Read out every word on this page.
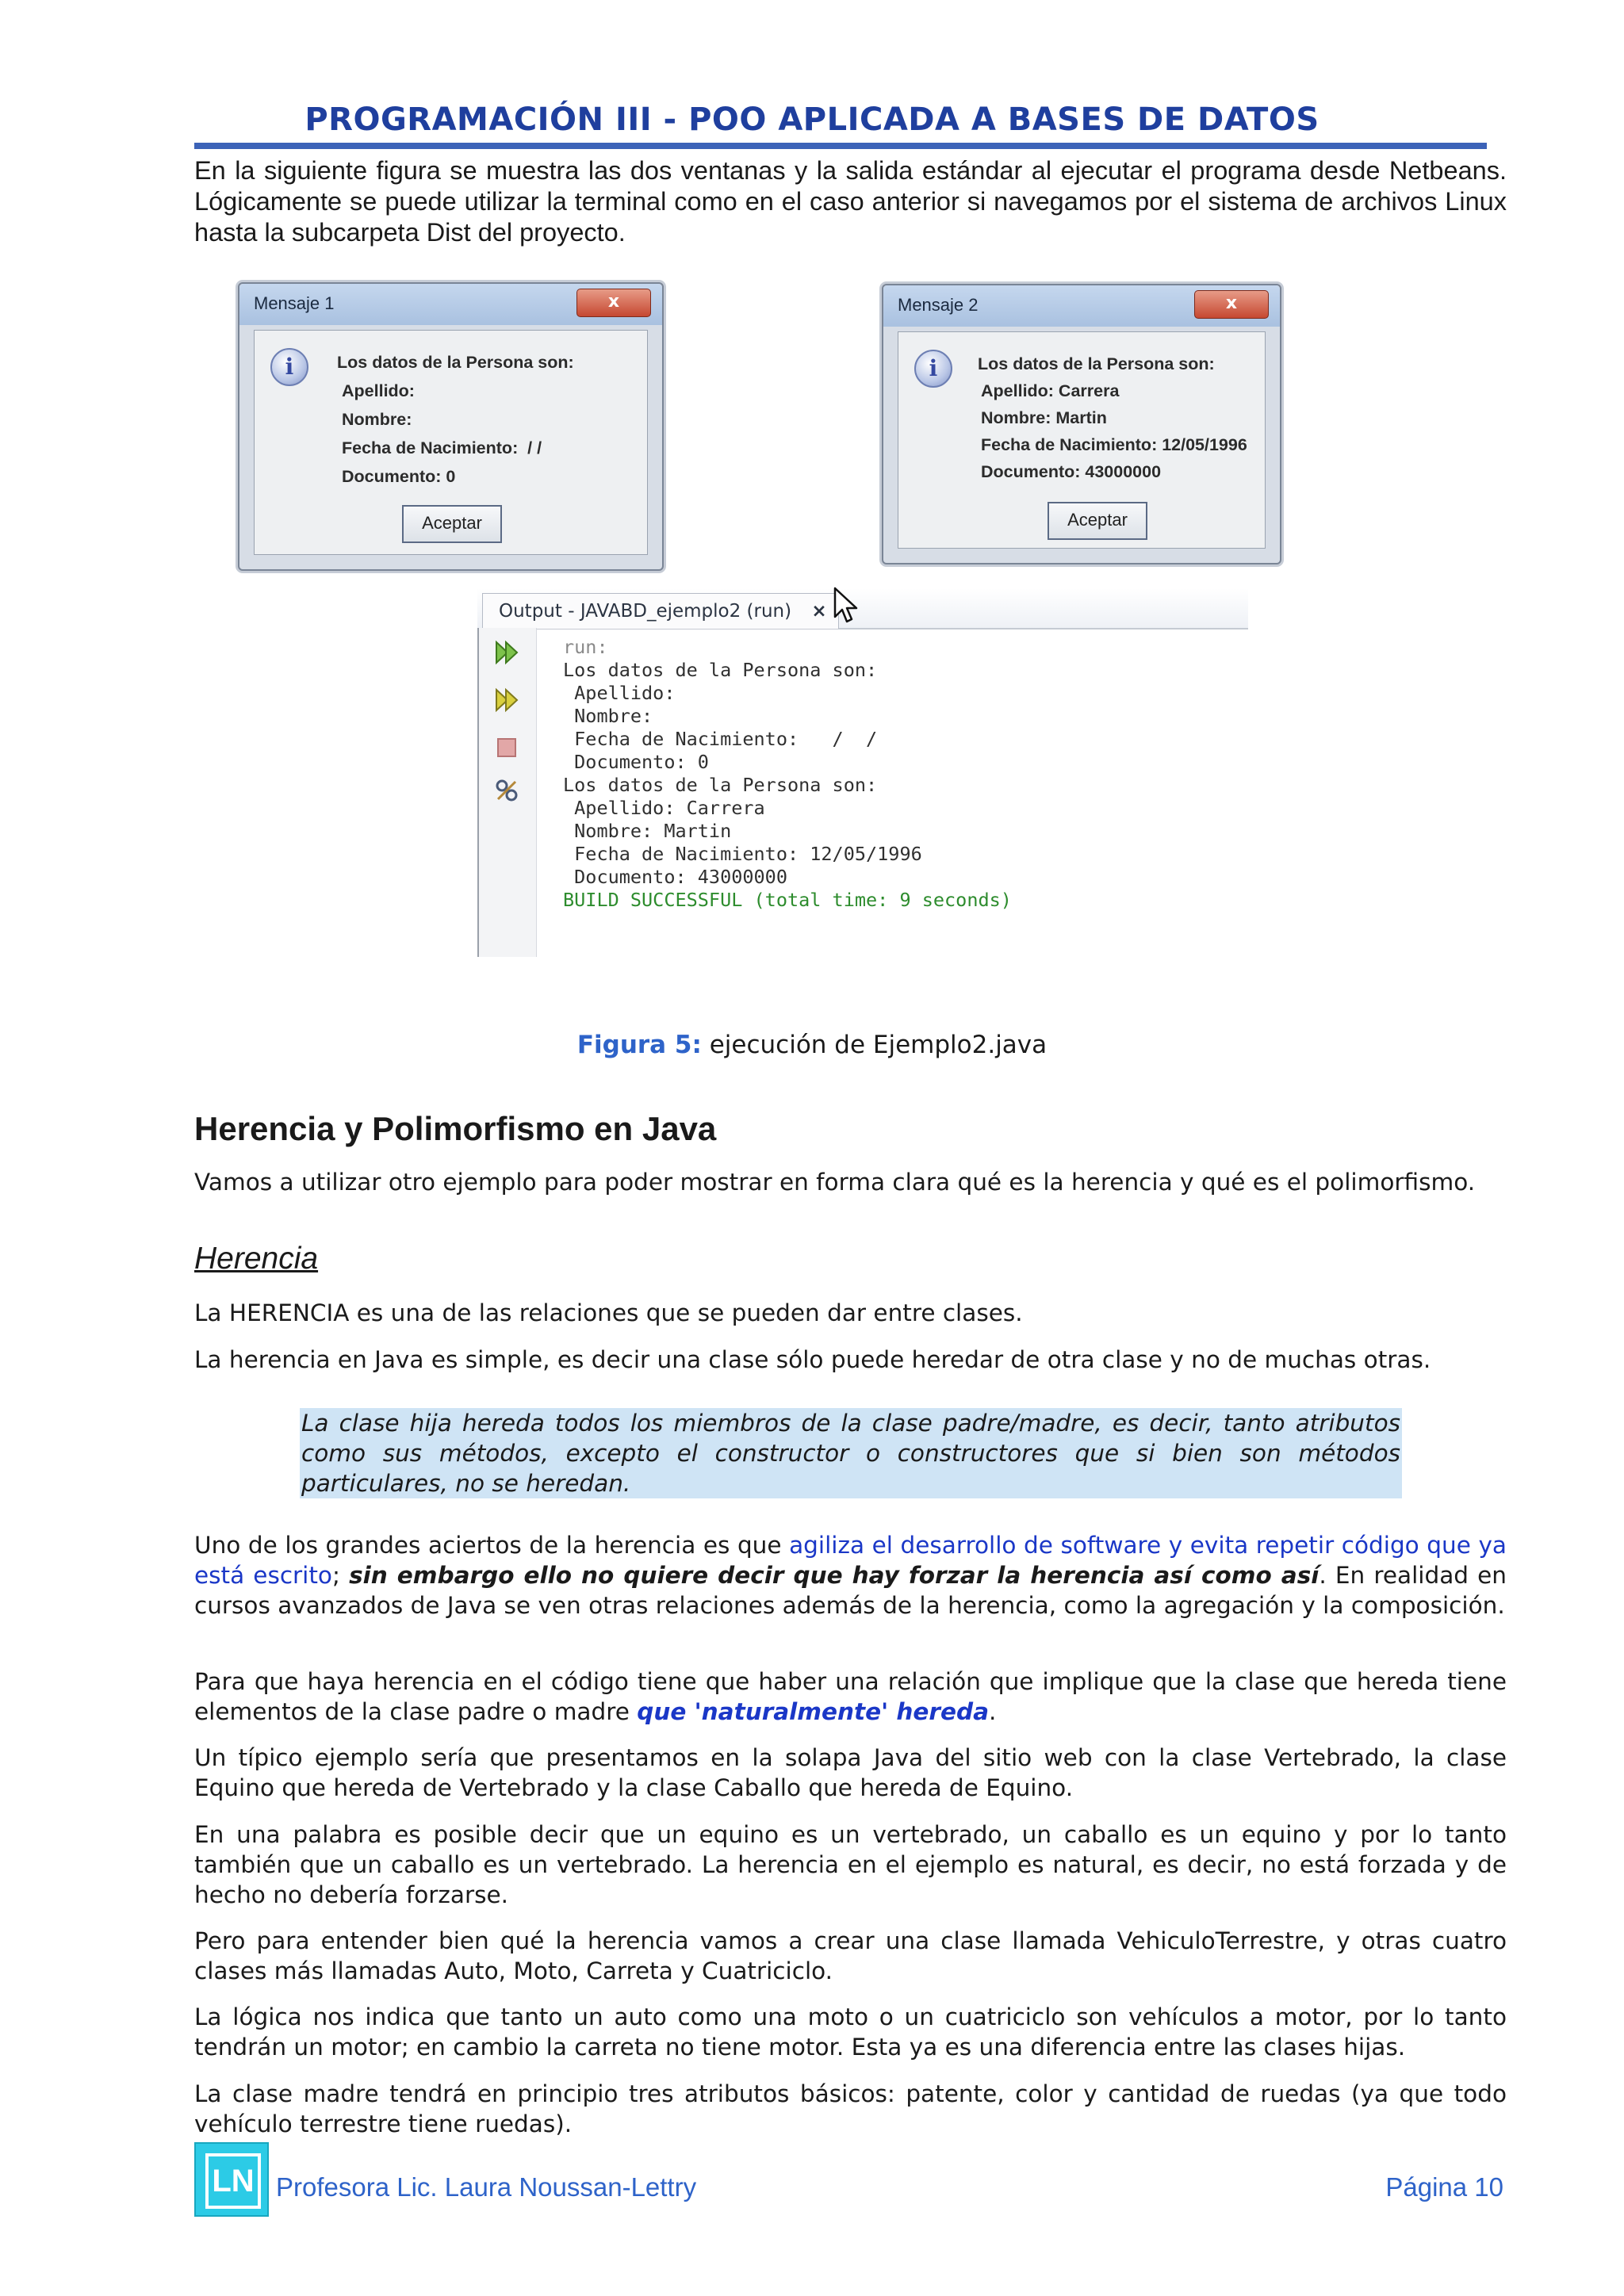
PROGRAMACIÓN III - POO APLICADA A BASES DE DATOS
En la siguiente figura se muestra las dos ventanas y la salida estándar al ejecutar el programa desde Netbeans. Lógicamente se puede utilizar la terminal como en el caso anterior si navegamos por el sistema de archivos Linux hasta la subcarpeta Dist del proyecto.
Mensaje 1	x
i	Los datos de la Persona son:
Apellido:
Nombre:
Fecha de Nacimiento:  / /
Documento: 0
Aceptar
Mensaje 2	x
i	Los datos de la Persona son:
Apellido: Carrera
Nombre: Martin
Fecha de Nacimiento: 12/05/1996
Documento: 43000000
Aceptar
Output - JAVABD_ejemplo2 (run) ×
run:
Los datos de la Persona son:
Apellido:
Nombre:
Fecha de Nacimiento:   /  /
Documento: 0
Los datos de la Persona son:
Apellido: Carrera
Nombre: Martin
Fecha de Nacimiento: 12/05/1996
Documento: 43000000
BUILD SUCCESSFUL (total time: 9 seconds)
Figura 5: ejecución de Ejemplo2.java
Herencia y Polimorfismo en Java
Vamos a utilizar otro ejemplo para poder mostrar en forma clara qué es la herencia y qué es el polimorfismo.
Herencia
La HERENCIA es una de las relaciones que se pueden dar entre clases.
La herencia en Java es simple, es decir una clase sólo puede heredar de otra clase y no de muchas otras.
La clase hija hereda todos los miembros de la clase padre/madre, es decir, tanto atributos como sus métodos, excepto el constructor o constructores que si bien son métodos particulares, no se heredan.
Uno de los grandes aciertos de la herencia es que agiliza el desarrollo de software y evita repetir código que ya está escrito; sin embargo ello no quiere decir que hay forzar la herencia así como así. En realidad en cursos avanzados de Java se ven otras relaciones además de la herencia, como la agregación y la composición.
Para que haya herencia en el código tiene que haber una relación que implique que la clase que hereda tiene elementos de la clase padre o madre que 'naturalmente' hereda.
Un típico ejemplo sería que presentamos en la solapa Java del sitio web con la clase Vertebrado, la clase Equino que hereda de Vertebrado y la clase Caballo que hereda de Equino.
En una palabra es posible decir que un equino es un vertebrado, un caballo es un equino y por lo tanto también que un caballo es un vertebrado. La herencia en el ejemplo es natural, es decir, no está forzada y de hecho no debería forzarse.
Pero para entender bien qué la herencia vamos a crear una clase llamada VehiculoTerrestre, y otras cuatro clases más llamadas Auto, Moto, Carreta y Cuatriciclo.
La lógica nos indica que tanto un auto como una moto o un cuatriciclo son vehículos a motor, por lo tanto tendrán un motor; en cambio la carreta no tiene motor. Esta ya es una diferencia entre las clases hijas.
La clase madre tendrá en principio tres atributos básicos: patente, color y cantidad de ruedas (ya que todo vehículo terrestre tiene ruedas).
LN Profesora Lic. Laura Noussan-Lettry	Página 10
